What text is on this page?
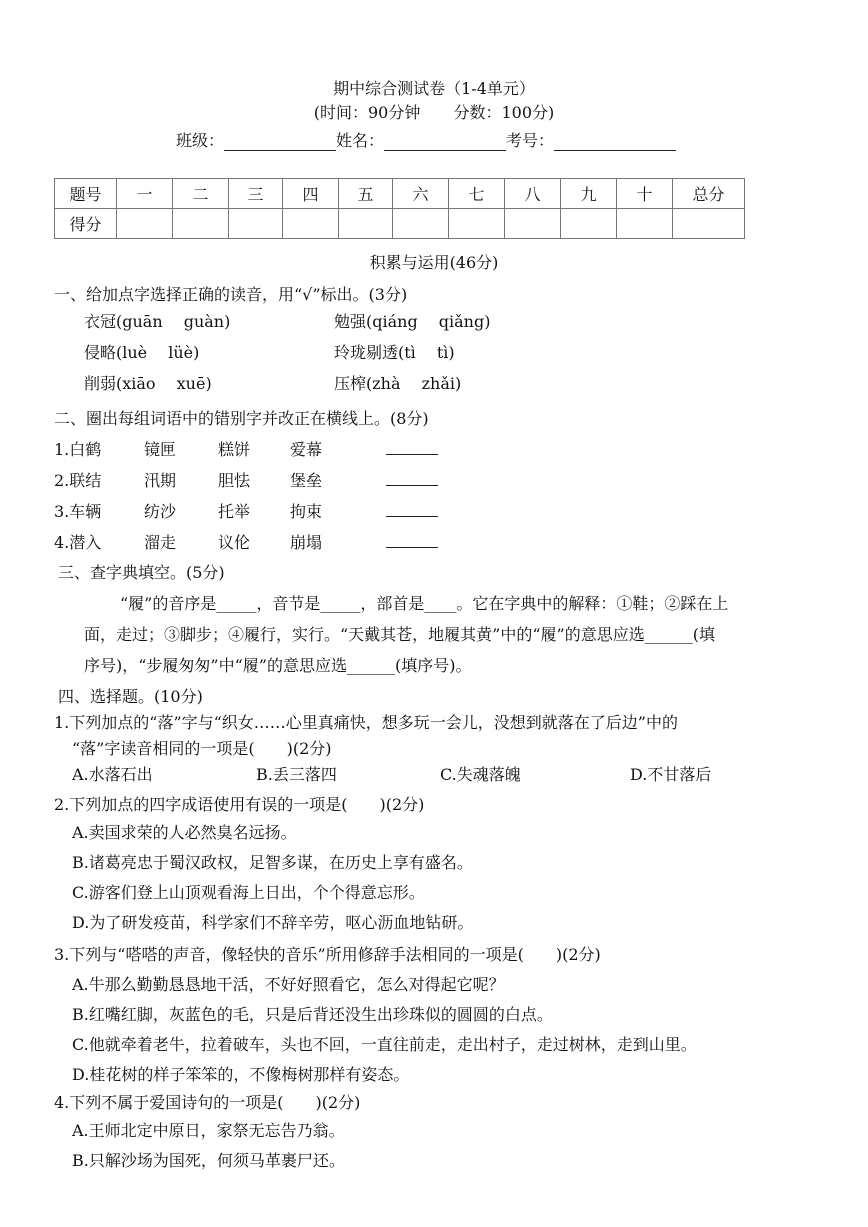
期中综合测试卷（1-4单元）
(时间：90分钟 分数：100分)
班级：	姓名：	考号：
题号	一	二	三	四	五	六	七	八	九	十	总分
得分											
积累与运用(46分)
一、给加点字选择正确的读音，用“√”标出。(3分)
衣冠(guān　 guàn)	勉强(qiáng　 qiǎng)
侵略(luè　 lüè)	玲珑剔透(tì　 tì)
削弱(xiāo　 xuē)	压榨(zhà　 zhǎi)
二、圈出每组词语中的错别字并改正在横线上。(8分)
1.白鹤	镜匣	糕饼 爱幕
2.联结	汛期	胆怯 堡垒
3.车辆	纺沙	托举 拘束
4.潜入	溜走	议伦 崩塌
三、查字典填空。(5分)
“履”的音序是_____，音节是_____，部首是____。它在字典中的解释：①鞋；②踩在上
面，走过；③脚步；④履行，实行。“天戴其苍，地履其黄”中的“履”的意思应选______(填
序号)，“步履匆匆”中“履”的意思应选______(填序号)。
四、选择题。(10分)
1.下列加点的“落”字与“织女……心里真痛快，想多玩一会儿，没想到就落在了后边”中的
“落”字读音相同的一项是(　　)(2分)
A.水落石出	B.丢三落四	C.失魂落魄	D.不甘落后
2.下列加点的四字成语使用有误的一项是(　　)(2分)
A.卖国求荣的人必然臭名远扬。
B.诸葛亮忠于蜀汉政权，足智多谋，在历史上享有盛名。
C.游客们登上山顶观看海上日出，个个得意忘形。
D.为了研发疫苗，科学家们不辞辛劳，呕心沥血地钻研。
3.下列与“嗒嗒的声音，像轻快的音乐”所用修辞手法相同的一项是(　　)(2分)
A.牛那么勤勤恳恳地干活，不好好照看它，怎么对得起它呢？
B.红嘴红脚，灰蓝色的毛，只是后背还没生出珍珠似的圆圆的白点。
C.他就牵着老牛，拉着破车，头也不回，一直往前走，走出村子，走过树林，走到山里。
D.桂花树的样子笨笨的，不像梅树那样有姿态。
4.下列不属于爱国诗句的一项是(　　)(2分)
A.王师北定中原日，家祭无忘告乃翁。
B.只解沙场为国死，何须马革裹尸还。
